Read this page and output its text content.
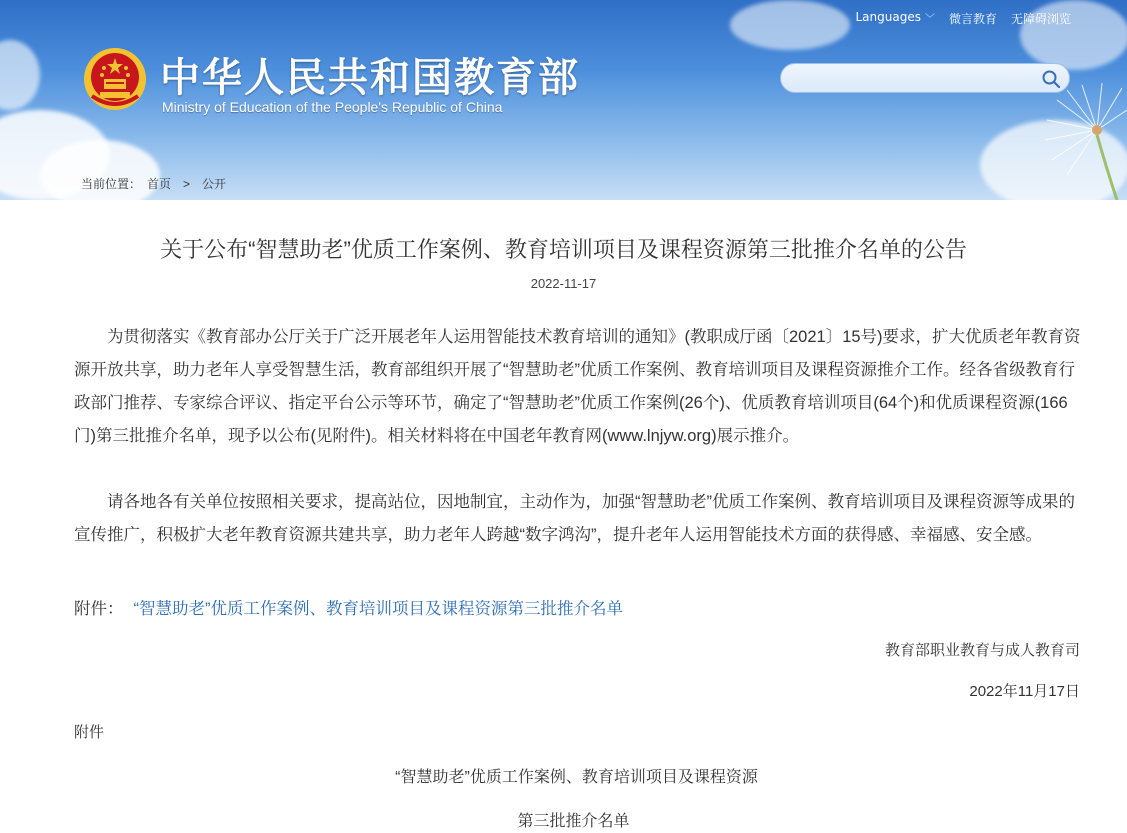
Languages ﹀ 微言教育 无障碍浏览
中华人民共和国教育部
Ministry of Education of the People's Republic of China
当前位置： 首页 > 公开
关于公布“智慧助老”优质工作案例、教育培训项目及课程资源第三批推介名单的公告
2022-11-17

为贯彻落实《教育部办公厅关于广泛开展老年人运用智能技术教育培训的通知》(教职成厅函〔2021〕15号)要求，扩大优质老年教育资源开放共享，助力老年人享受智慧生活，教育部组织开展了“智慧助老”优质工作案例、教育培训项目及课程资源推介工作。经各省级教育行政部门推荐、专家综合评议、指定平台公示等环节，确定了“智慧助老”优质工作案例(26个)、优质教育培训项目(64个)和优质课程资源(166门)第三批推介名单，现予以公布(见附件)。相关材料将在中国老年教育网(www.lnjyw.org)展示推介。

请各地各有关单位按照相关要求，提高站位，因地制宜，主动作为，加强“智慧助老”优质工作案例、教育培训项目及课程资源等成果的宣传推广，积极扩大老年教育资源共建共享，助力老年人跨越“数字鸿沟”，提升老年人运用智能技术方面的获得感、幸福感、安全感。

附件： “智慧助老”优质工作案例、教育培训项目及课程资源第三批推介名单
教育部职业教育与成人教育司
2022年11月17日
附件
“智慧助老”优质工作案例、教育培训项目及课程资源
第三批推介名单
